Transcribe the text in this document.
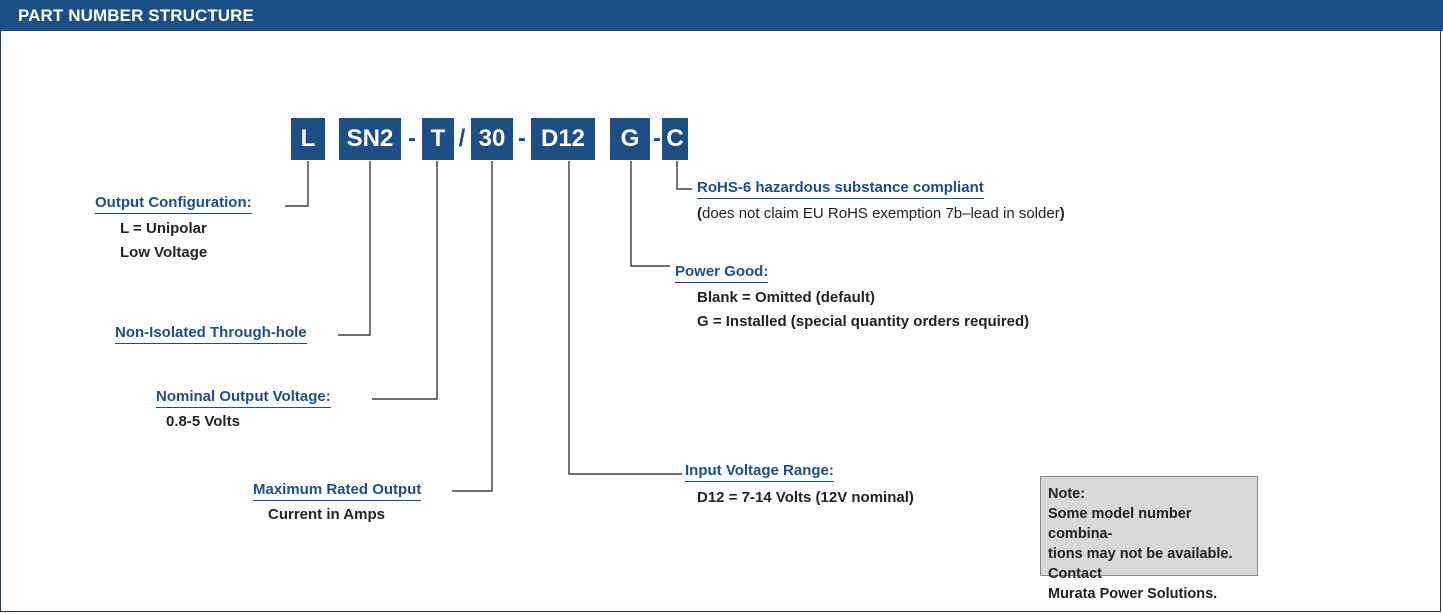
PART NUMBER STRUCTURE
L	SN2 - T / 30 - D12	G - C
Output Configuration:
L = Unipolar
Low Voltage
Non-Isolated Through-hole
Nominal Output Voltage:
0.8-5 Volts
Maximum Rated Output
Current in Amps
RoHS-6 hazardous substance compliant
(does not claim EU RoHS exemption 7b–lead in solder)
Power Good:
Blank = Omitted (default)
G = Installed (special quantity orders required)
Input Voltage Range:
D12 = 7-14 Volts (12V nominal)	Note:
Some model number combina-
tions may not be available. Contact
Murata Power Solutions.
